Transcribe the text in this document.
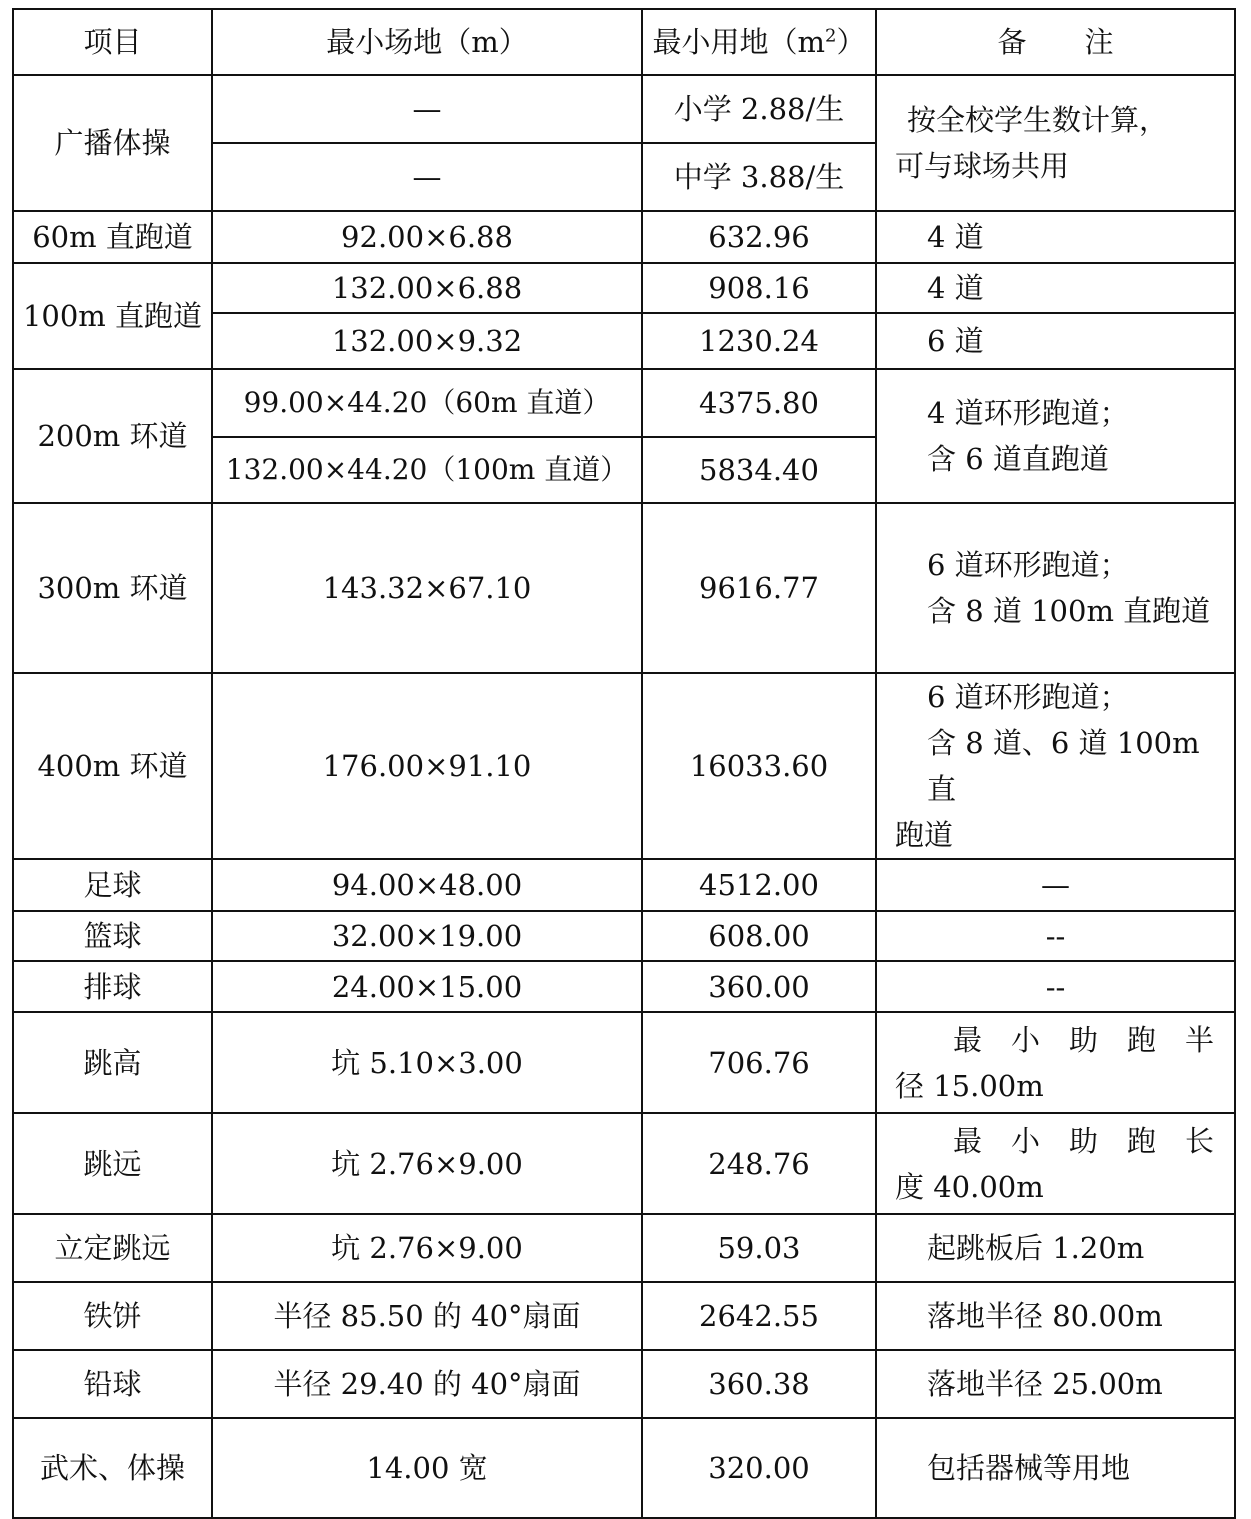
项目	最小场地（m）	最小用地$(m^2)$	备　　注
广播体操	—	小学 2.88/生	按全校学生数计算，
可与球场共用

	—	中学 3.88/生	
60m 直跑道	92.00×6.88	632.96	4 道
100m 直跑道	132.00×6.88	908.16	4 道
	132.00×9.32	1230.24	6 道
200m 环道	99.00×44.20（60m 直道）	4375.80	4 道环形跑道；
含 6 道直跑道

	132.00×44.20（100m 直道）	5834.40	
300m 环道	143.32×67.10	9616.77	6 道环形跑道；
含 8 道 100m 直跑道

400m 环道	176.00×91.10	16033.60	6 道环形跑道；
含 8 道、6 道 100m 直
跑道

足球	94.00×48.00	4512.00	—
篮球	32.00×19.00	608.00	--
排球	24.00×15.00	360.00	--
跳高	坑 5.10×3.00	706.76	最　小　助　跑　半
径 15.00m

跳远	坑 2.76×9.00	248.76	最　小　助　跑　长
度 40.00m

立定跳远	坑 2.76×9.00	59.03	起跳板后 1.20m
铁饼	半径 85.50 的 40°扇面	2642.55	落地半径 80.00m
铅球	半径 29.40 的 40°扇面	360.38	落地半径 25.00m
武术、体操	14.00 宽	320.00	包括器械等用地
